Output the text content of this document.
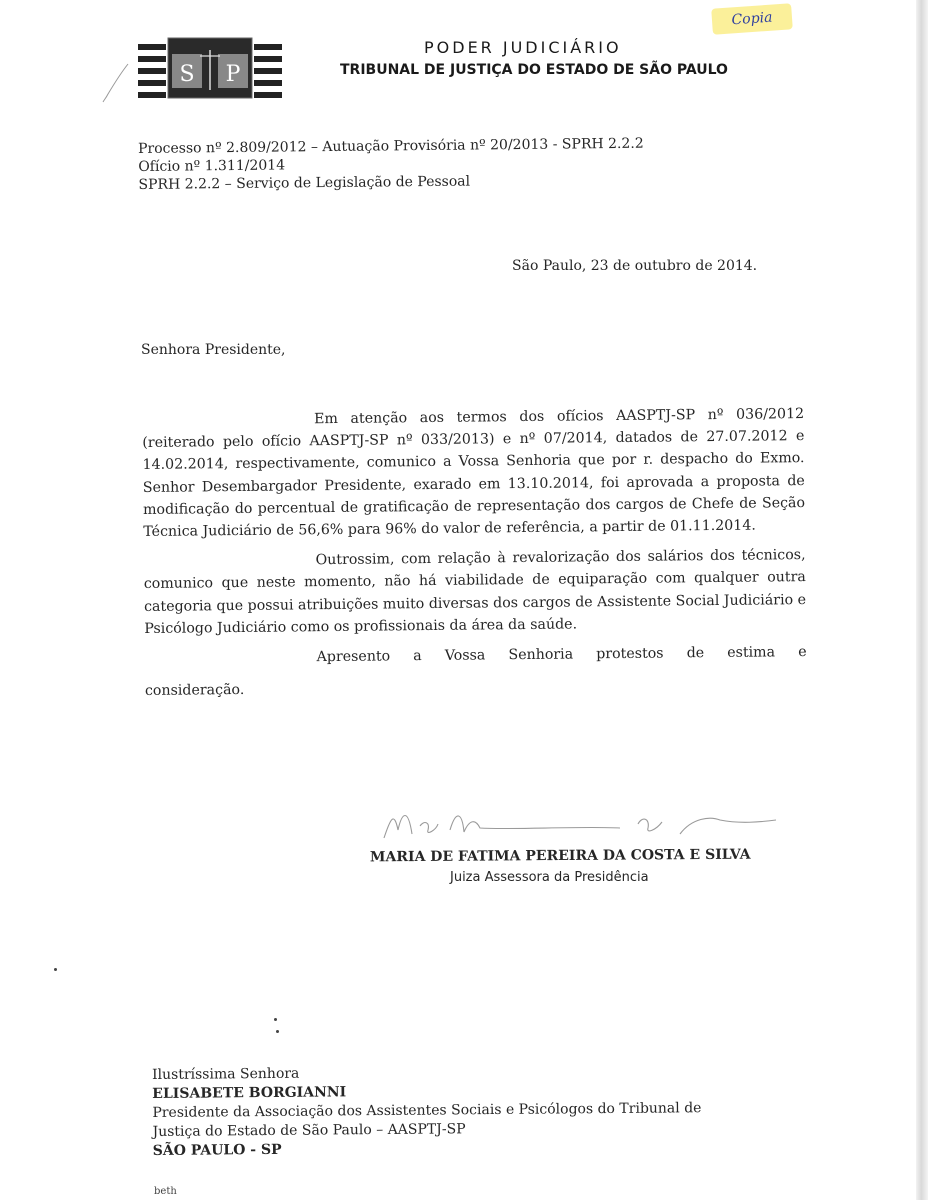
Copia
S P
PODER JUDICIÁRIO
TRIBUNAL DE JUSTIÇA DO ESTADO DE SÃO PAULO
Processo nº 2.809/2012 – Autuação Provisória nº 20/2013 - SPRH 2.2.2
Ofício nº 1.311/2014
SPRH 2.2.2 – Serviço de Legislação de Pessoal
São Paulo, 23 de outubro de 2014.
Senhora Presidente,

Em atenção aos termos dos ofícios AASPTJ-SP nº 036/2012 (reiterado pelo ofício AASPTJ-SP nº 033/2013) e nº 07/2014, datados de 27.07.2012 e 14.02.2014, respectivamente, comunico a Vossa Senhoria que por r. despacho do Exmo. Senhor Desembargador Presidente, exarado em 13.10.2014, foi aprovada a proposta de modificação do percentual de gratificação de representação dos cargos de Chefe de Seção Técnica Judiciário de 56,6% para 96% do valor de referência, a partir de 01.11.2014.

Outrossim, com relação à revalorização dos salários dos técnicos, comunico que neste momento, não há viabilidade de equiparação com qualquer outra categoria que possui atribuições muito diversas dos cargos de Assistente Social Judiciário e Psicólogo Judiciário como os profissionais da área da saúde.

Apresento a Vossa Senhoria protestos de estima e

consideração.

MARIA DE FATIMA PEREIRA DA COSTA E SILVA
Juiza Assessora da Presidência
Ilustríssima Senhora
ELISABETE BORGIANNI
Presidente da Associação dos Assistentes Sociais e Psicólogos do Tribunal de
Justiça do Estado de São Paulo – AASPTJ-SP
SÃO PAULO - SP
beth
